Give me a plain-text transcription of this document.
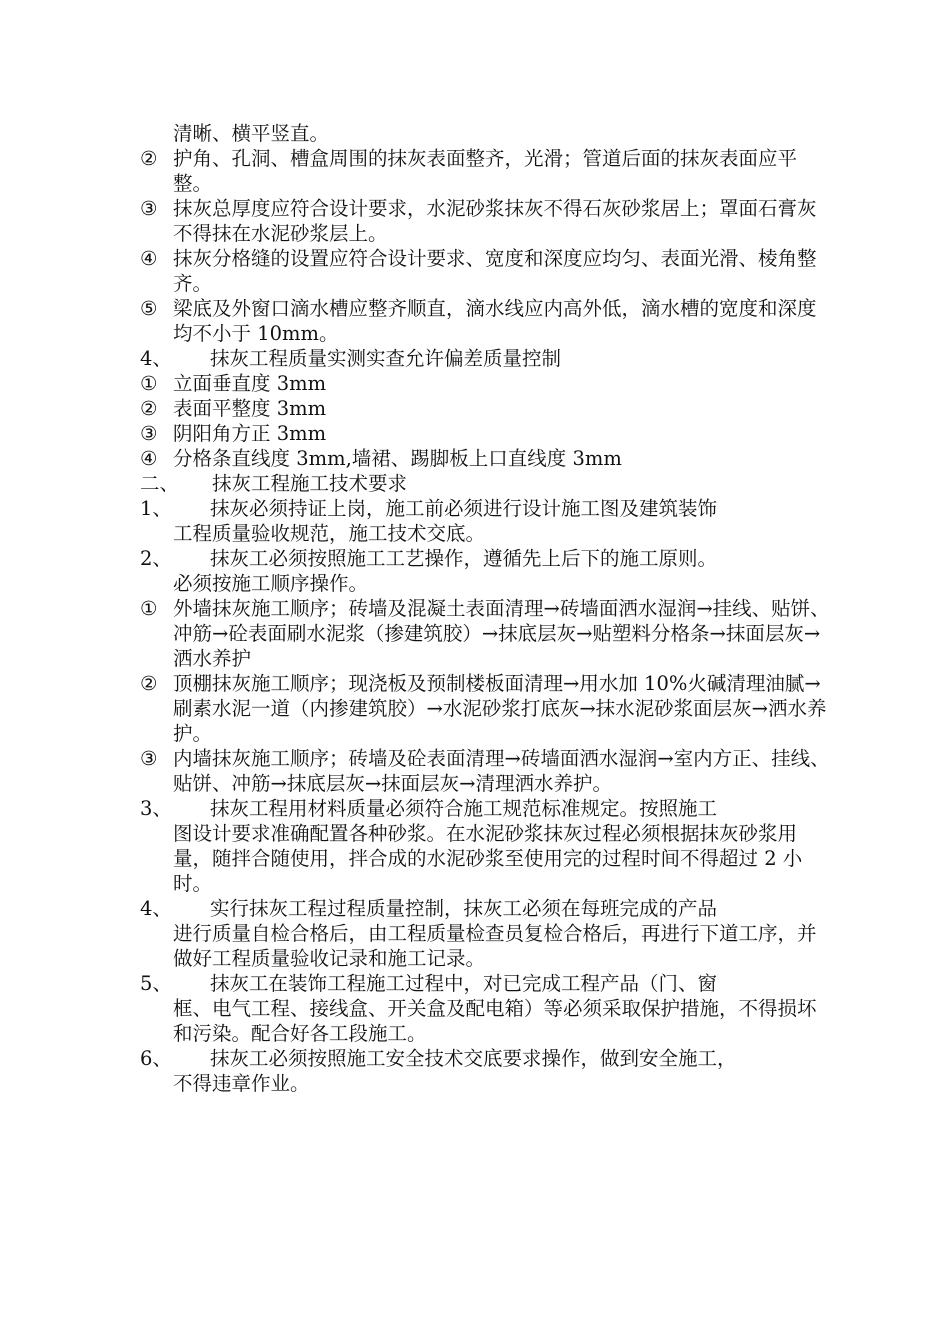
清晰、横平竖直。
② 护角、孔洞、槽盒周围的抹灰表面整齐，光滑；管道后面的抹灰表面应平整。
③ 抹灰总厚度应符合设计要求，水泥砂浆抹灰不得石灰砂浆居上；罩面石膏灰不得抹在水泥砂浆层上。
④ 抹灰分格缝的设置应符合设计要求、宽度和深度应均匀、表面光滑、棱角整齐。
⑤ 梁底及外窗口滴水槽应整齐顺直，滴水线应内高外低，滴水槽的宽度和深度均不小于 10mm。
4、	抹灰工程质量实测实查允许偏差质量控制
① 立面垂直度 3mm
② 表面平整度 3mm
③ 阴阳角方正 3mm
④ 分格条直线度 3mm,墙裙、踢脚板上口直线度 3mm
二、	抹灰工程施工技术要求
1、	抹灰必须持证上岗，施工前必须进行设计施工图及建筑装饰
工程质量验收规范，施工技术交底。
2、	抹灰工必须按照施工工艺操作，遵循先上后下的施工原则。
必须按施工顺序操作。
① 外墙抹灰施工顺序；砖墙及混凝土表面清理→砖墙面洒水湿润→挂线、贴饼、冲筋→砼表面刷水泥浆（掺建筑胶）→抹底层灰→贴塑料分格条→抹面层灰→洒水养护
② 顶棚抹灰施工顺序；现浇板及预制楼板面清理→用水加 10%火碱清理油腻→刷素水泥一道（内掺建筑胶）→水泥砂浆打底灰→抹水泥砂浆面层灰→洒水养护。
③ 内墙抹灰施工顺序；砖墙及砼表面清理→砖墙面洒水湿润→室内方正、挂线、贴饼、冲筋→抹底层灰→抹面层灰→清理洒水养护。
3、	抹灰工程用材料质量必须符合施工规范标准规定。按照施工
图设计要求准确配置各种砂浆。在水泥砂浆抹灰过程必须根据抹灰砂浆用量，随拌合随使用，拌合成的水泥砂浆至使用完的过程时间不得超过 2 小时。
4、	实行抹灰工程过程质量控制，抹灰工必须在每班完成的产品
进行质量自检合格后，由工程质量检查员复检合格后，再进行下道工序，并做好工程质量验收记录和施工记录。
5、	抹灰工在装饰工程施工过程中，对已完成工程产品（门、窗
框、电气工程、接线盒、开关盒及配电箱）等必须采取保护措施，不得损坏和污染。配合好各工段施工。
6、	抹灰工必须按照施工安全技术交底要求操作，做到安全施工，
不得违章作业。
